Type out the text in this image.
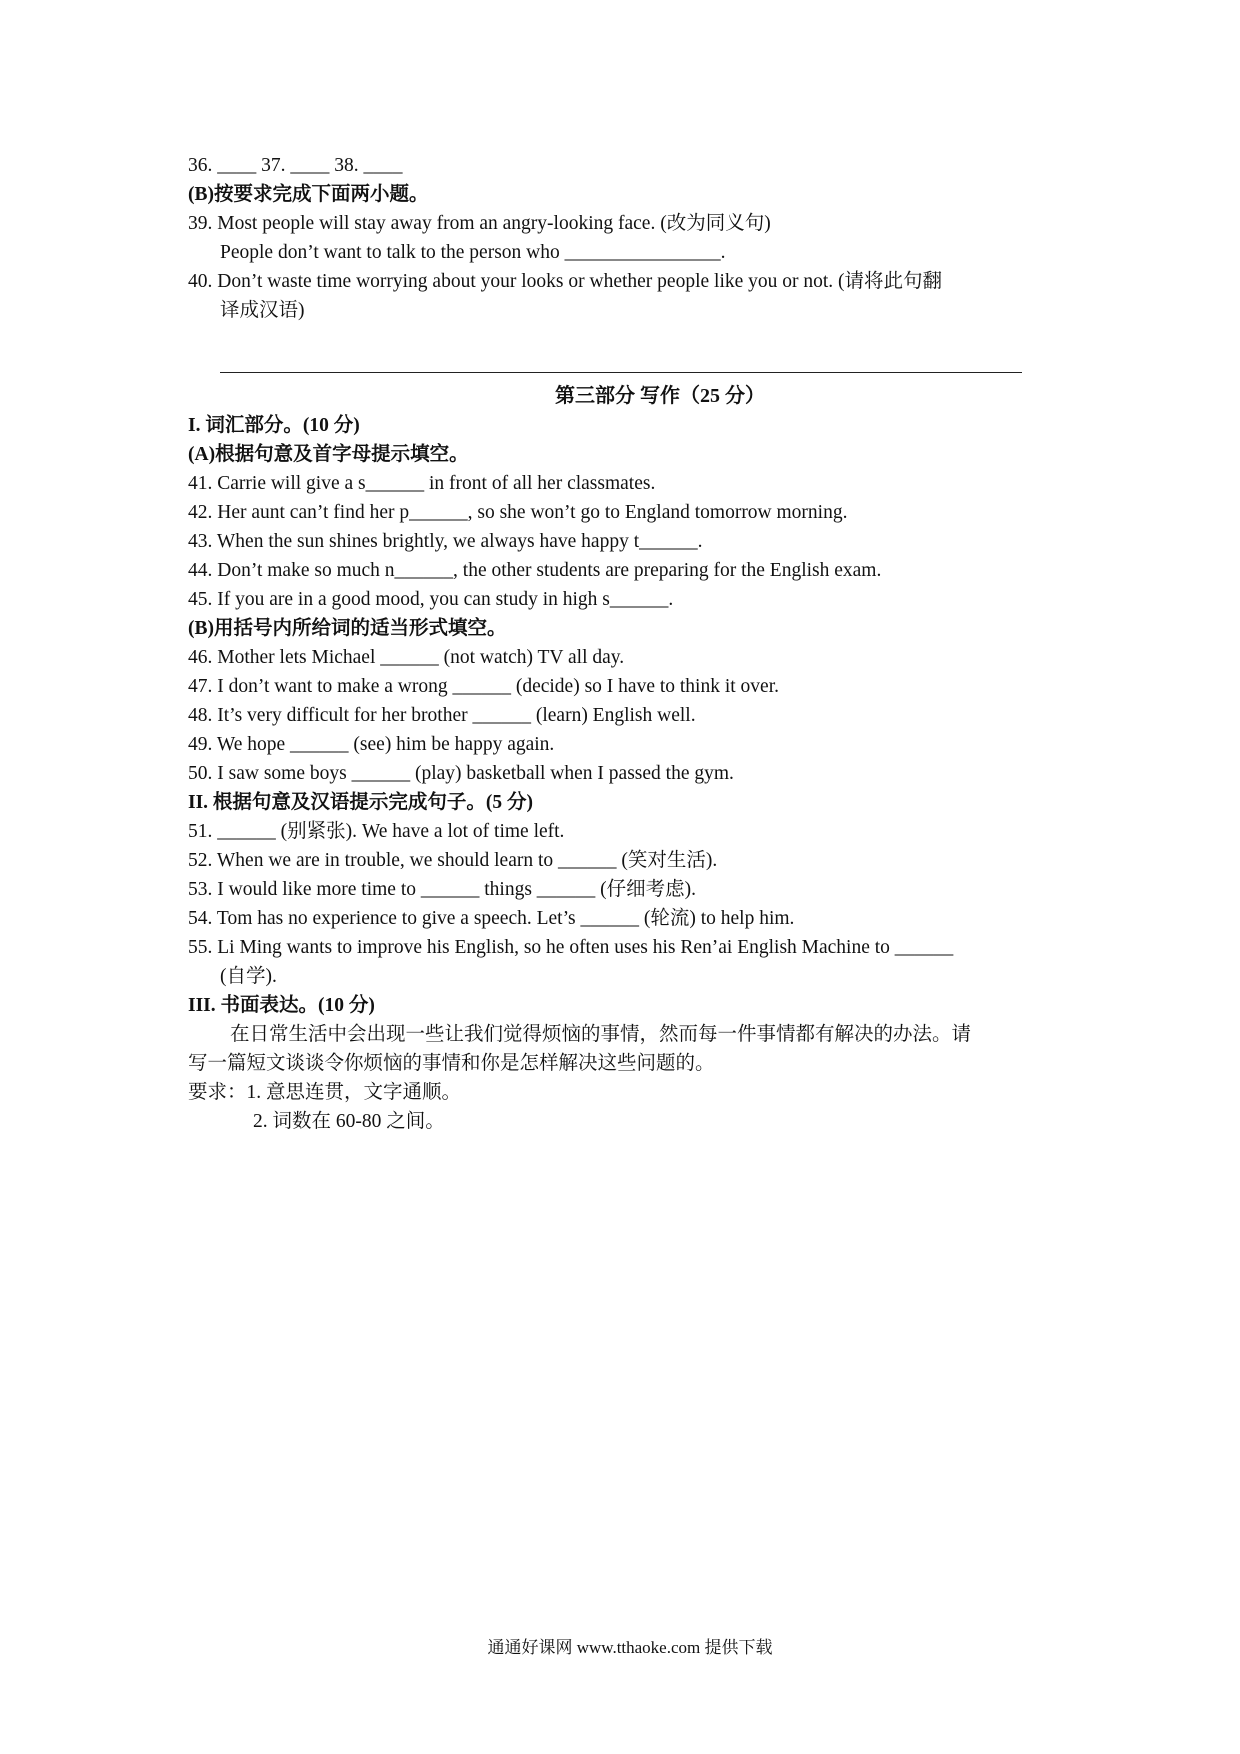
36. ____ 37. ____ 38. ____
(B)按要求完成下面两小题。
39. Most people will stay away from an angry-looking face. (改为同义句)
People don’t want to talk to the person who ________________.
40. Don’t waste time worrying about your looks or whether people like you or not. (请将此句翻
译成汉语)
第三部分 写作（25 分）
I. 词汇部分。(10 分)
(A)根据句意及首字母提示填空。
41. Carrie will give a s______ in front of all her classmates.
42. Her aunt can’t find her p______, so she won’t go to England tomorrow morning.
43. When the sun shines brightly, we always have happy t______.
44. Don’t make so much n______, the other students are preparing for the English exam.
45. If you are in a good mood, you can study in high s______.
(B)用括号内所给词的适当形式填空。
46. Mother lets Michael ______ (not watch) TV all day.
47. I don’t want to make a wrong ______ (decide) so I have to think it over.
48. It’s very difficult for her brother ______ (learn) English well.
49. We hope ______ (see) him be happy again.
50. I saw some boys ______ (play) basketball when I passed the gym.
II. 根据句意及汉语提示完成句子。(5 分)
51. ______ (别紧张). We have a lot of time left.
52. When we are in trouble, we should learn to ______ (笑对生活).
53. I would like more time to ______ things ______ (仔细考虑).
54. Tom has no experience to give a speech. Let’s ______ (轮流) to help him.
55. Li Ming wants to improve his English, so he often uses his Ren’ai English Machine to ______
(自学).
III. 书面表达。(10 分)
在日常生活中会出现一些让我们觉得烦恼的事情，然而每一件事情都有解决的办法。请
写一篇短文谈谈令你烦恼的事情和你是怎样解决这些问题的。
要求：1. 意思连贯，文字通顺。
2. 词数在 60-80 之间。
通通好课网 www.tthaoke.com 提供下载
